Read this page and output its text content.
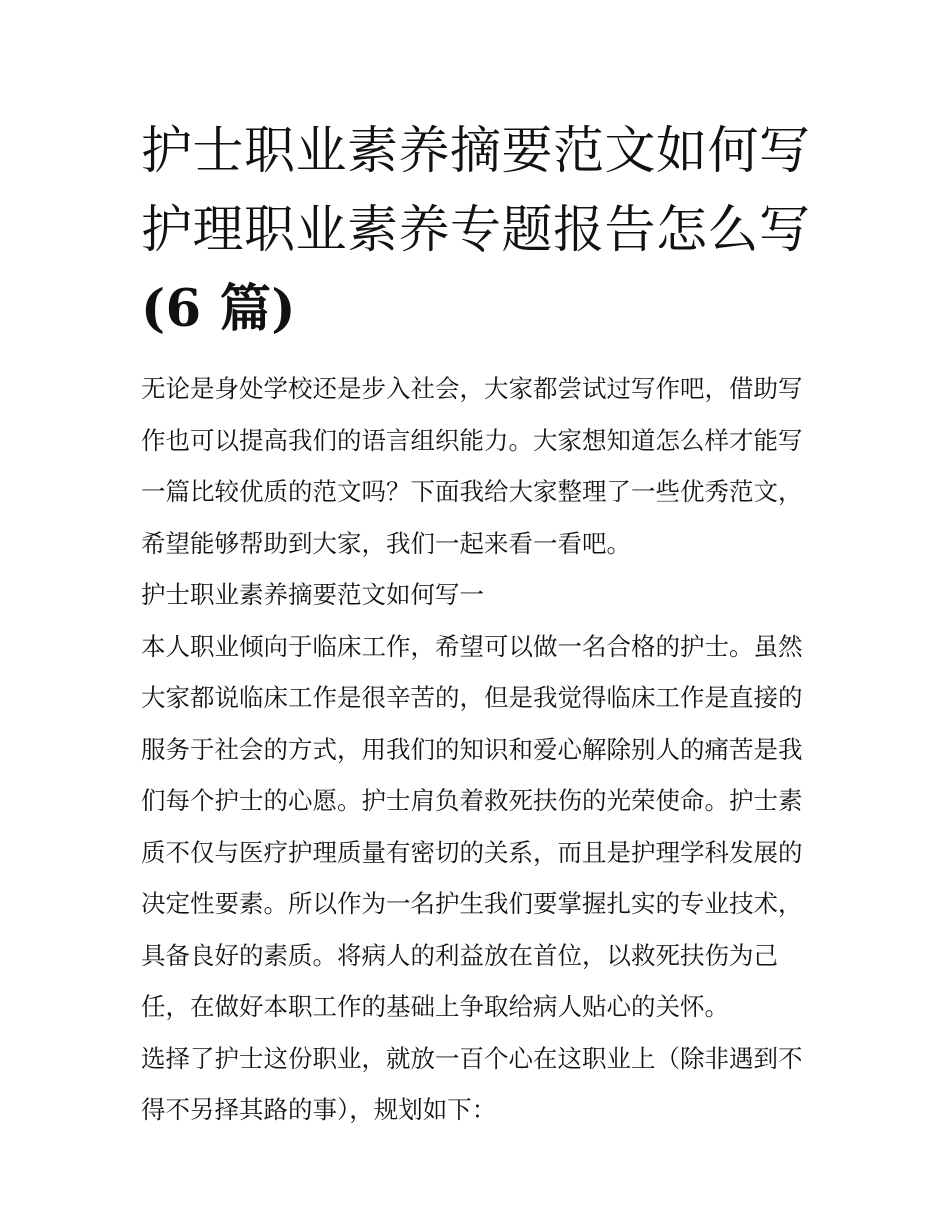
护士职业素养摘要范文如何写
护理职业素养专题报告怎么写
(6 篇)

无论是身处学校还是步入社会，大家都尝试过写作吧，借助写
作也可以提高我们的语言组织能力。大家想知道怎么样才能写
一篇比较优质的范文吗？下面我给大家整理了一些优秀范文，
希望能够帮助到大家，我们一起来看一看吧。

护士职业素养摘要范文如何写一

本人职业倾向于临床工作，希望可以做一名合格的护士。虽然
大家都说临床工作是很辛苦的，但是我觉得临床工作是直接的
服务于社会的方式，用我们的知识和爱心解除别人的痛苦是我
们每个护士的心愿。护士肩负着救死扶伤的光荣使命。护士素
质不仅与医疗护理质量有密切的关系，而且是护理学科发展的
决定性要素。所以作为一名护生我们要掌握扎实的专业技术，
具备良好的素质。将病人的利益放在首位，以救死扶伤为己
任，在做好本职工作的基础上争取给病人贴心的关怀。

选择了护士这份职业，就放一百个心在这职业上（除非遇到不
得不另择其路的事），规划如下：
